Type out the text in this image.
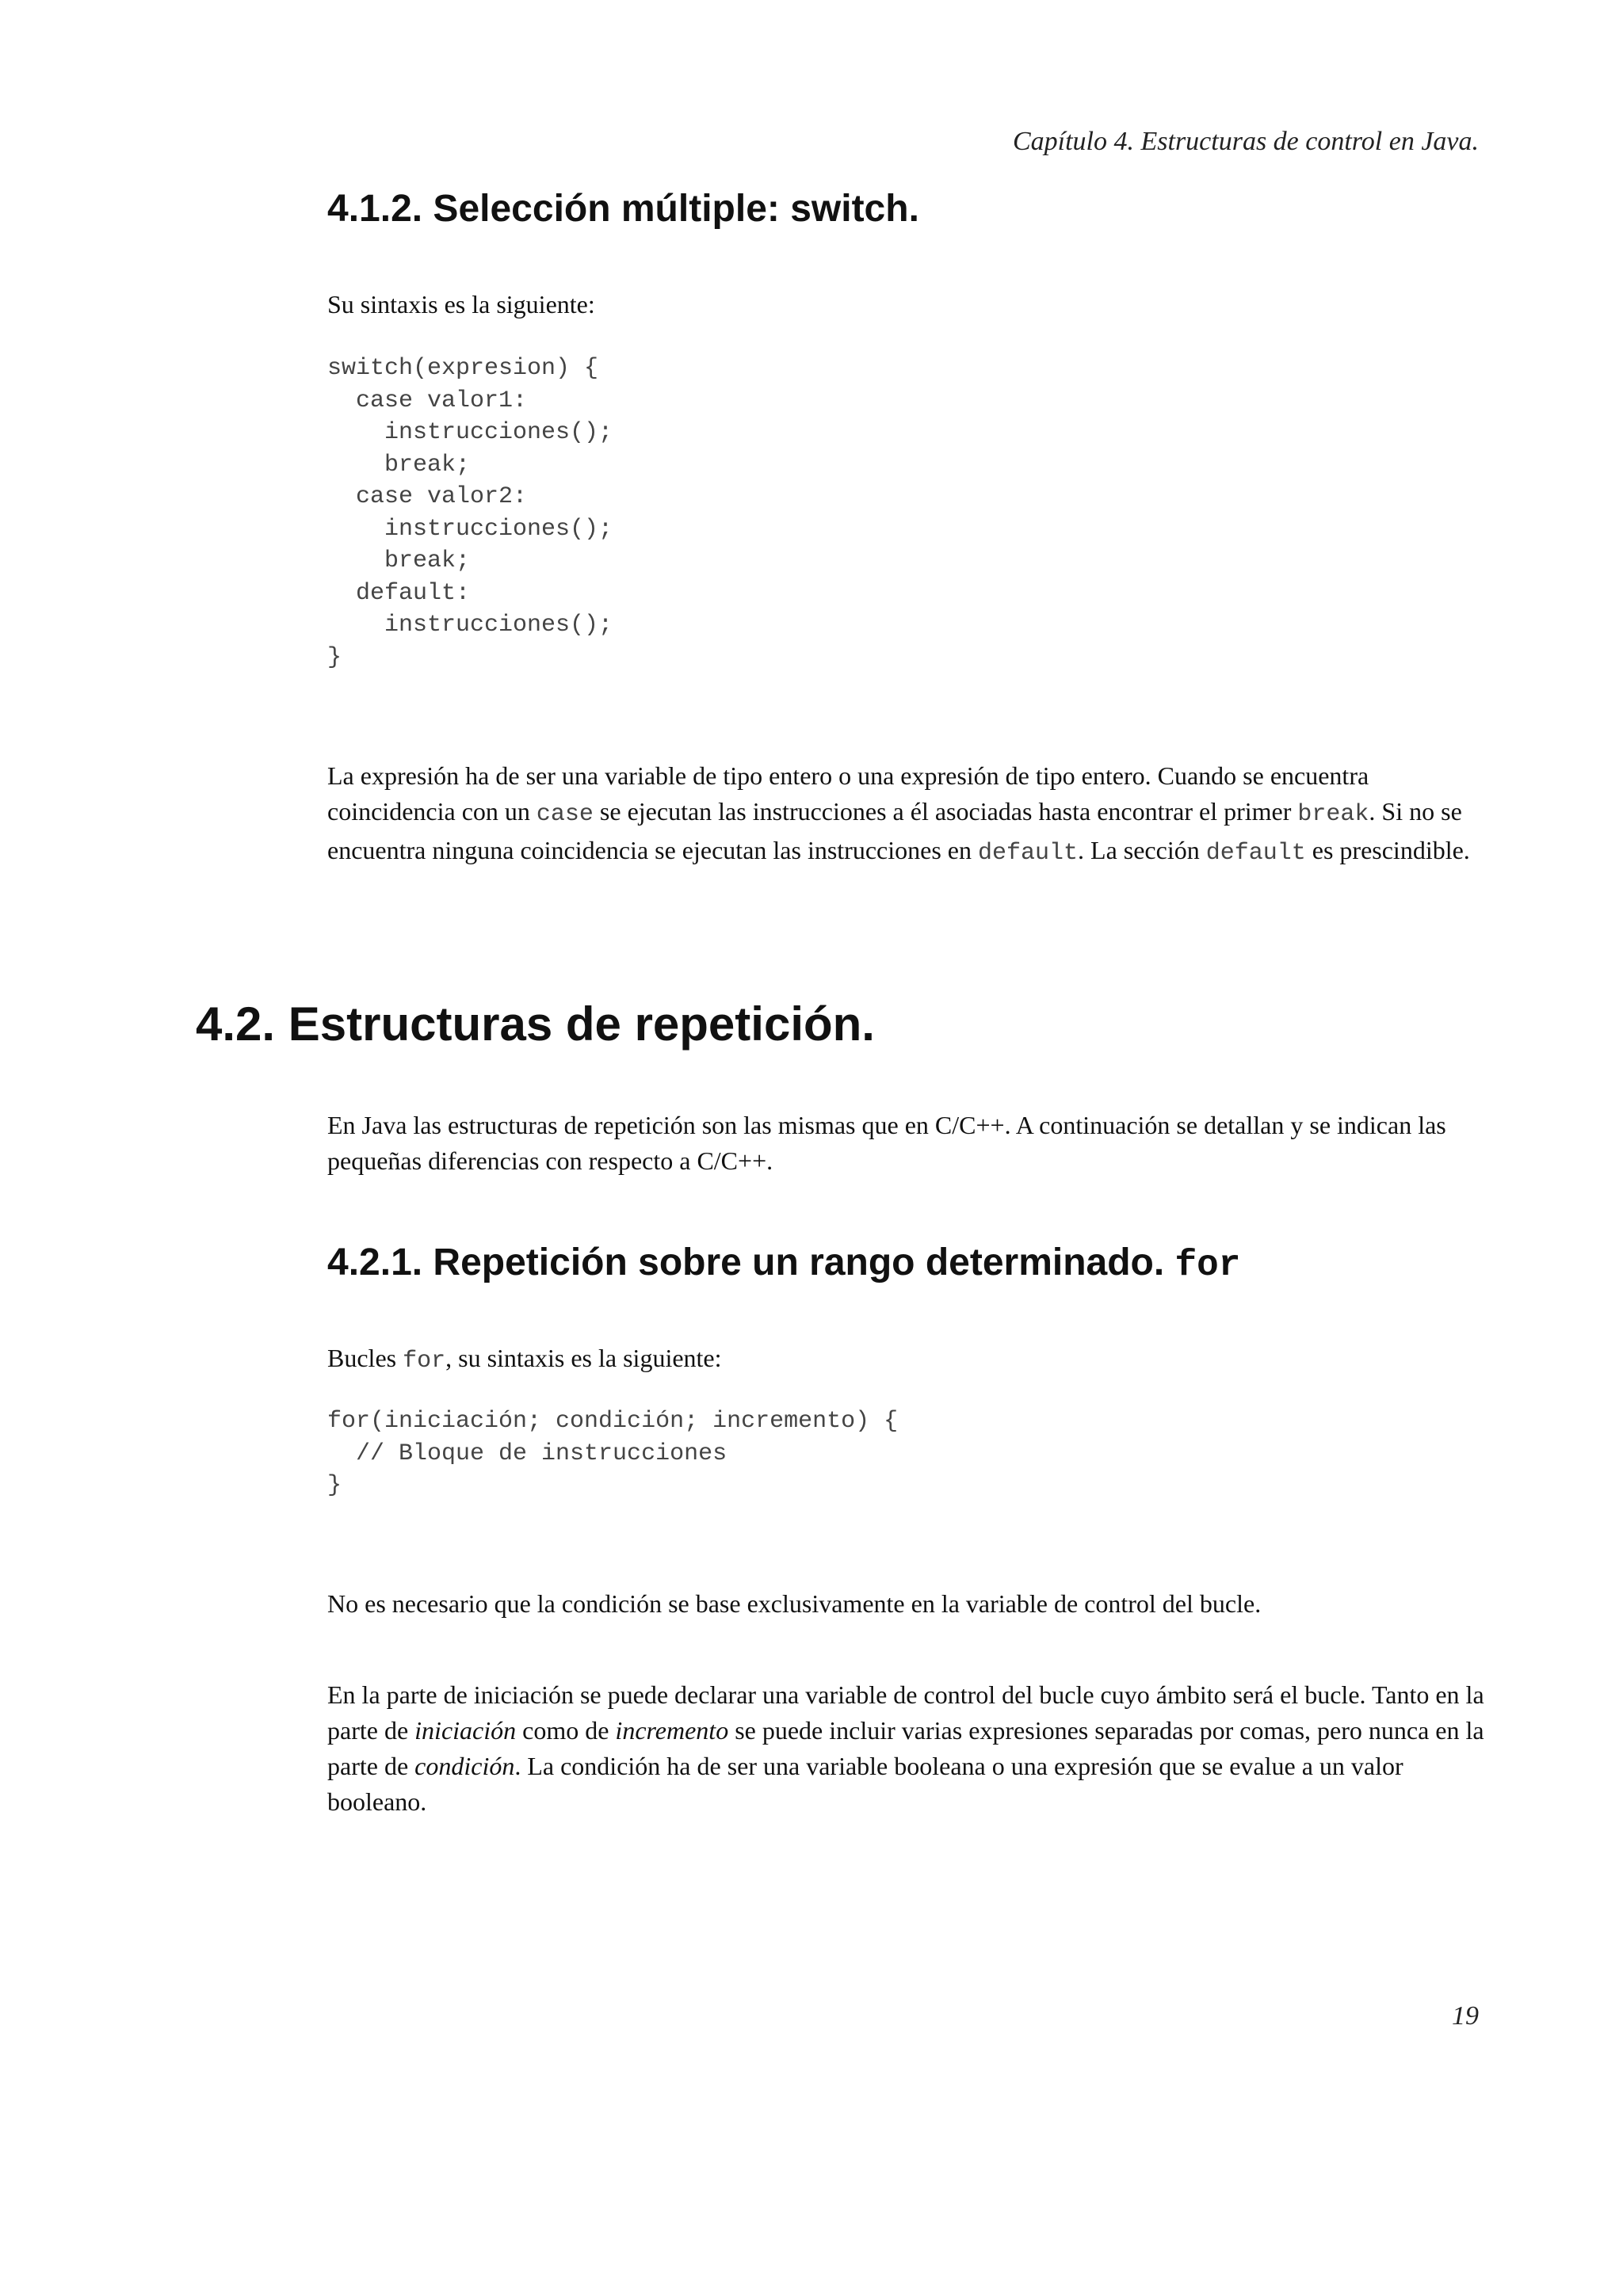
Capítulo 4. Estructuras de control en Java.
4.1.2. Selección múltiple: switch.

Su sintaxis es la siguiente:

switch(expresion) {
case valor1:
instrucciones();
break;
case valor2:
instrucciones();
break;
default:
instrucciones();
}

La expresión ha de ser una variable de tipo entero o una expresión de tipo entero. Cuando se encuentra coincidencia con un case se ejecutan las instrucciones a él asociadas hasta encontrar el primer break. Si no se encuentra ninguna coincidencia se ejecutan las instrucciones en default. La sección default es prescindible.

4.2. Estructuras de repetición.

En Java las estructuras de repetición son las mismas que en C/C++. A continuación se detallan y se indican las pequeñas diferencias con respecto a C/C++.

4.2.1. Repetición sobre un rango determinado. for

Bucles for, su sintaxis es la siguiente:

for(iniciación; condición; incremento) {
// Bloque de instrucciones
}

No es necesario que la condición se base exclusivamente en la variable de control del bucle.

En la parte de iniciación se puede declarar una variable de control del bucle cuyo ámbito será el bucle. Tanto en la parte de iniciación como de incremento se puede incluir varias expresiones separadas por comas, pero nunca en la parte de condición. La condición ha de ser una variable booleana o una expresión que se evalue a un valor booleano.

19
